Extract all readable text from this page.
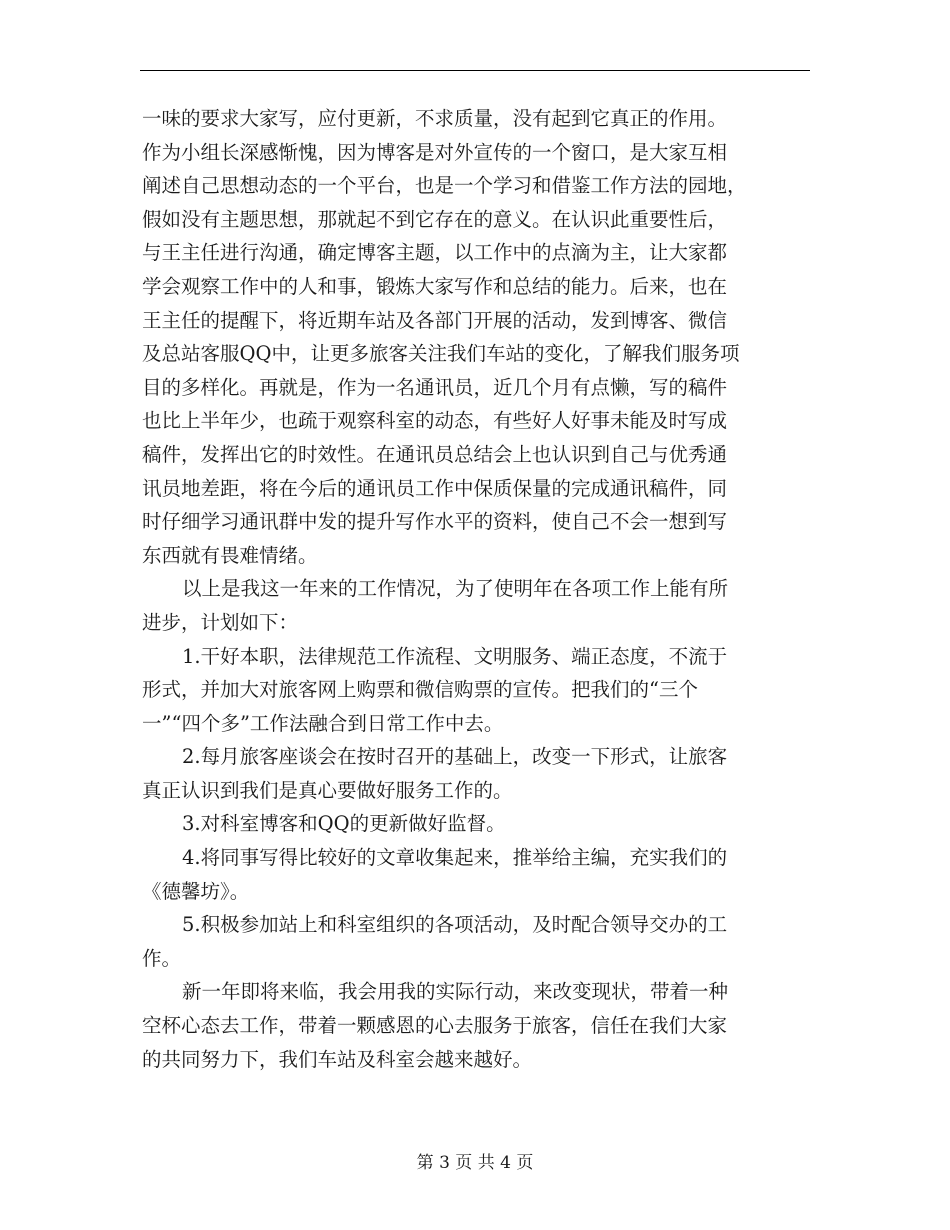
一味的要求大家写，应付更新，不求质量，没有起到它真正的作用。
作为小组长深感惭愧，因为博客是对外宣传的一个窗口，是大家互相
阐述自己思想动态的一个平台，也是一个学习和借鉴工作方法的园地，
假如没有主题思想，那就起不到它存在的意义。在认识此重要性后，
与王主任进行沟通，确定博客主题，以工作中的点滴为主，让大家都
学会观察工作中的人和事，锻炼大家写作和总结的能力。后来，也在
王主任的提醒下，将近期车站及各部门开展的活动，发到博客、微信
及总站客服QQ中，让更多旅客关注我们车站的变化，了解我们服务项
目的多样化。再就是，作为一名通讯员，近几个月有点懒，写的稿件
也比上半年少，也疏于观察科室的动态，有些好人好事未能及时写成
稿件，发挥出它的时效性。在通讯员总结会上也认识到自己与优秀通
讯员地差距，将在今后的通讯员工作中保质保量的完成通讯稿件，同
时仔细学习通讯群中发的提升写作水平的资料，使自己不会一想到写
东西就有畏难情绪。
以上是我这一年来的工作情况，为了使明年在各项工作上能有所
进步，计划如下：
1.干好本职，法律规范工作流程、文明服务、端正态度，不流于
形式，并加大对旅客网上购票和微信购票的宣传。把我们的“三个
一”“四个多”工作法融合到日常工作中去。
2.每月旅客座谈会在按时召开的基础上，改变一下形式，让旅客
真正认识到我们是真心要做好服务工作的。
3.对科室博客和QQ的更新做好监督。
4.将同事写得比较好的文章收集起来，推举给主编，充实我们的
《德馨坊》。
5.积极参加站上和科室组织的各项活动，及时配合领导交办的工
作。
新一年即将来临，我会用我的实际行动，来改变现状，带着一种
空杯心态去工作，带着一颗感恩的心去服务于旅客，信任在我们大家
的共同努力下，我们车站及科室会越来越好。
第 3 页 共 4 页
